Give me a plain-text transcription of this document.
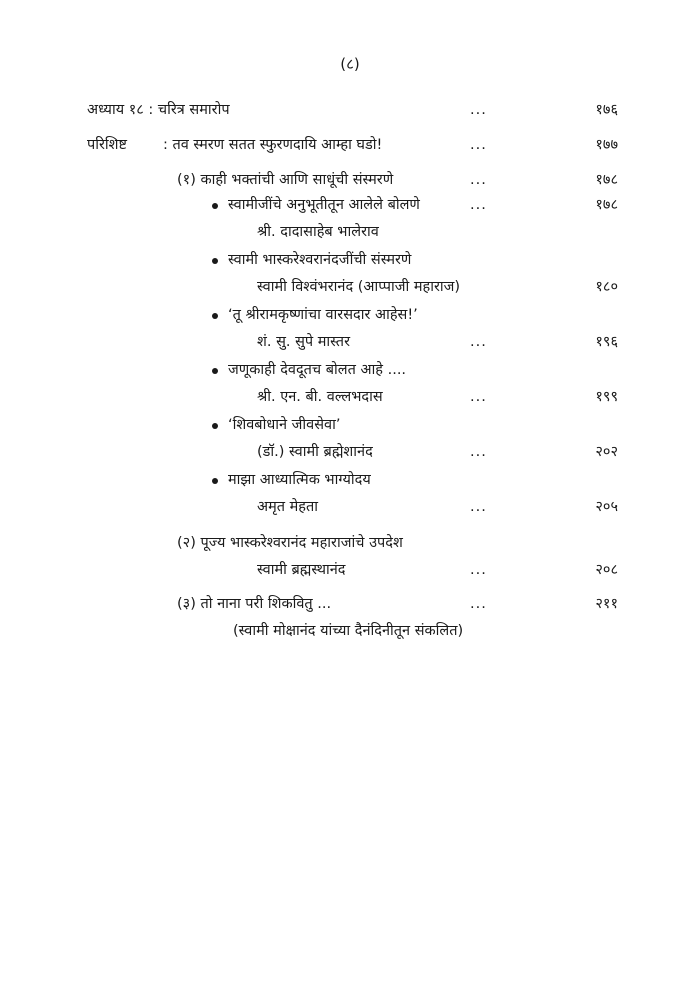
(८)
अध्याय १८ : चरित्र समारोप	...	१७६
परिशिष्ट : तव स्मरण सतत स्फुरणदायि आम्हा घडो!	...	१७७
(१) काही भक्तांची आणि साधूंची संस्मरणे	...	१७८
स्वामीजींचे अनुभूतीतून आलेले बोलणे	...	१७८
श्री. दादासाहेब भालेराव
स्वामी भास्करेश्वरानंदजींची संस्मरणे
स्वामी विश्वंभरानंद (आप्पाजी महाराज)	१८०
‘तू श्रीरामकृष्णांचा वारसदार आहेस!’
शं. सु. सुपे मास्तर	...	१९६
जणूकाही देवदूतच बोलत आहे ....
श्री. एन. बी. वल्लभदास	...	१९९
‘शिवबोधाने जीवसेवा’
(डॉ.) स्वामी ब्रह्मेशानंद	...	२०२
माझा आध्यात्मिक भाग्योदय
अमृत मेहता	...	२०५
(२) पूज्य भास्करेश्वरानंद महाराजांचे उपदेश
स्वामी ब्रह्मस्थानंद	...	२०८
(३) तो नाना परी शिकवितु ...	...	२११
(स्वामी मोक्षानंद यांच्या दैनंदिनीतून संकलित)
